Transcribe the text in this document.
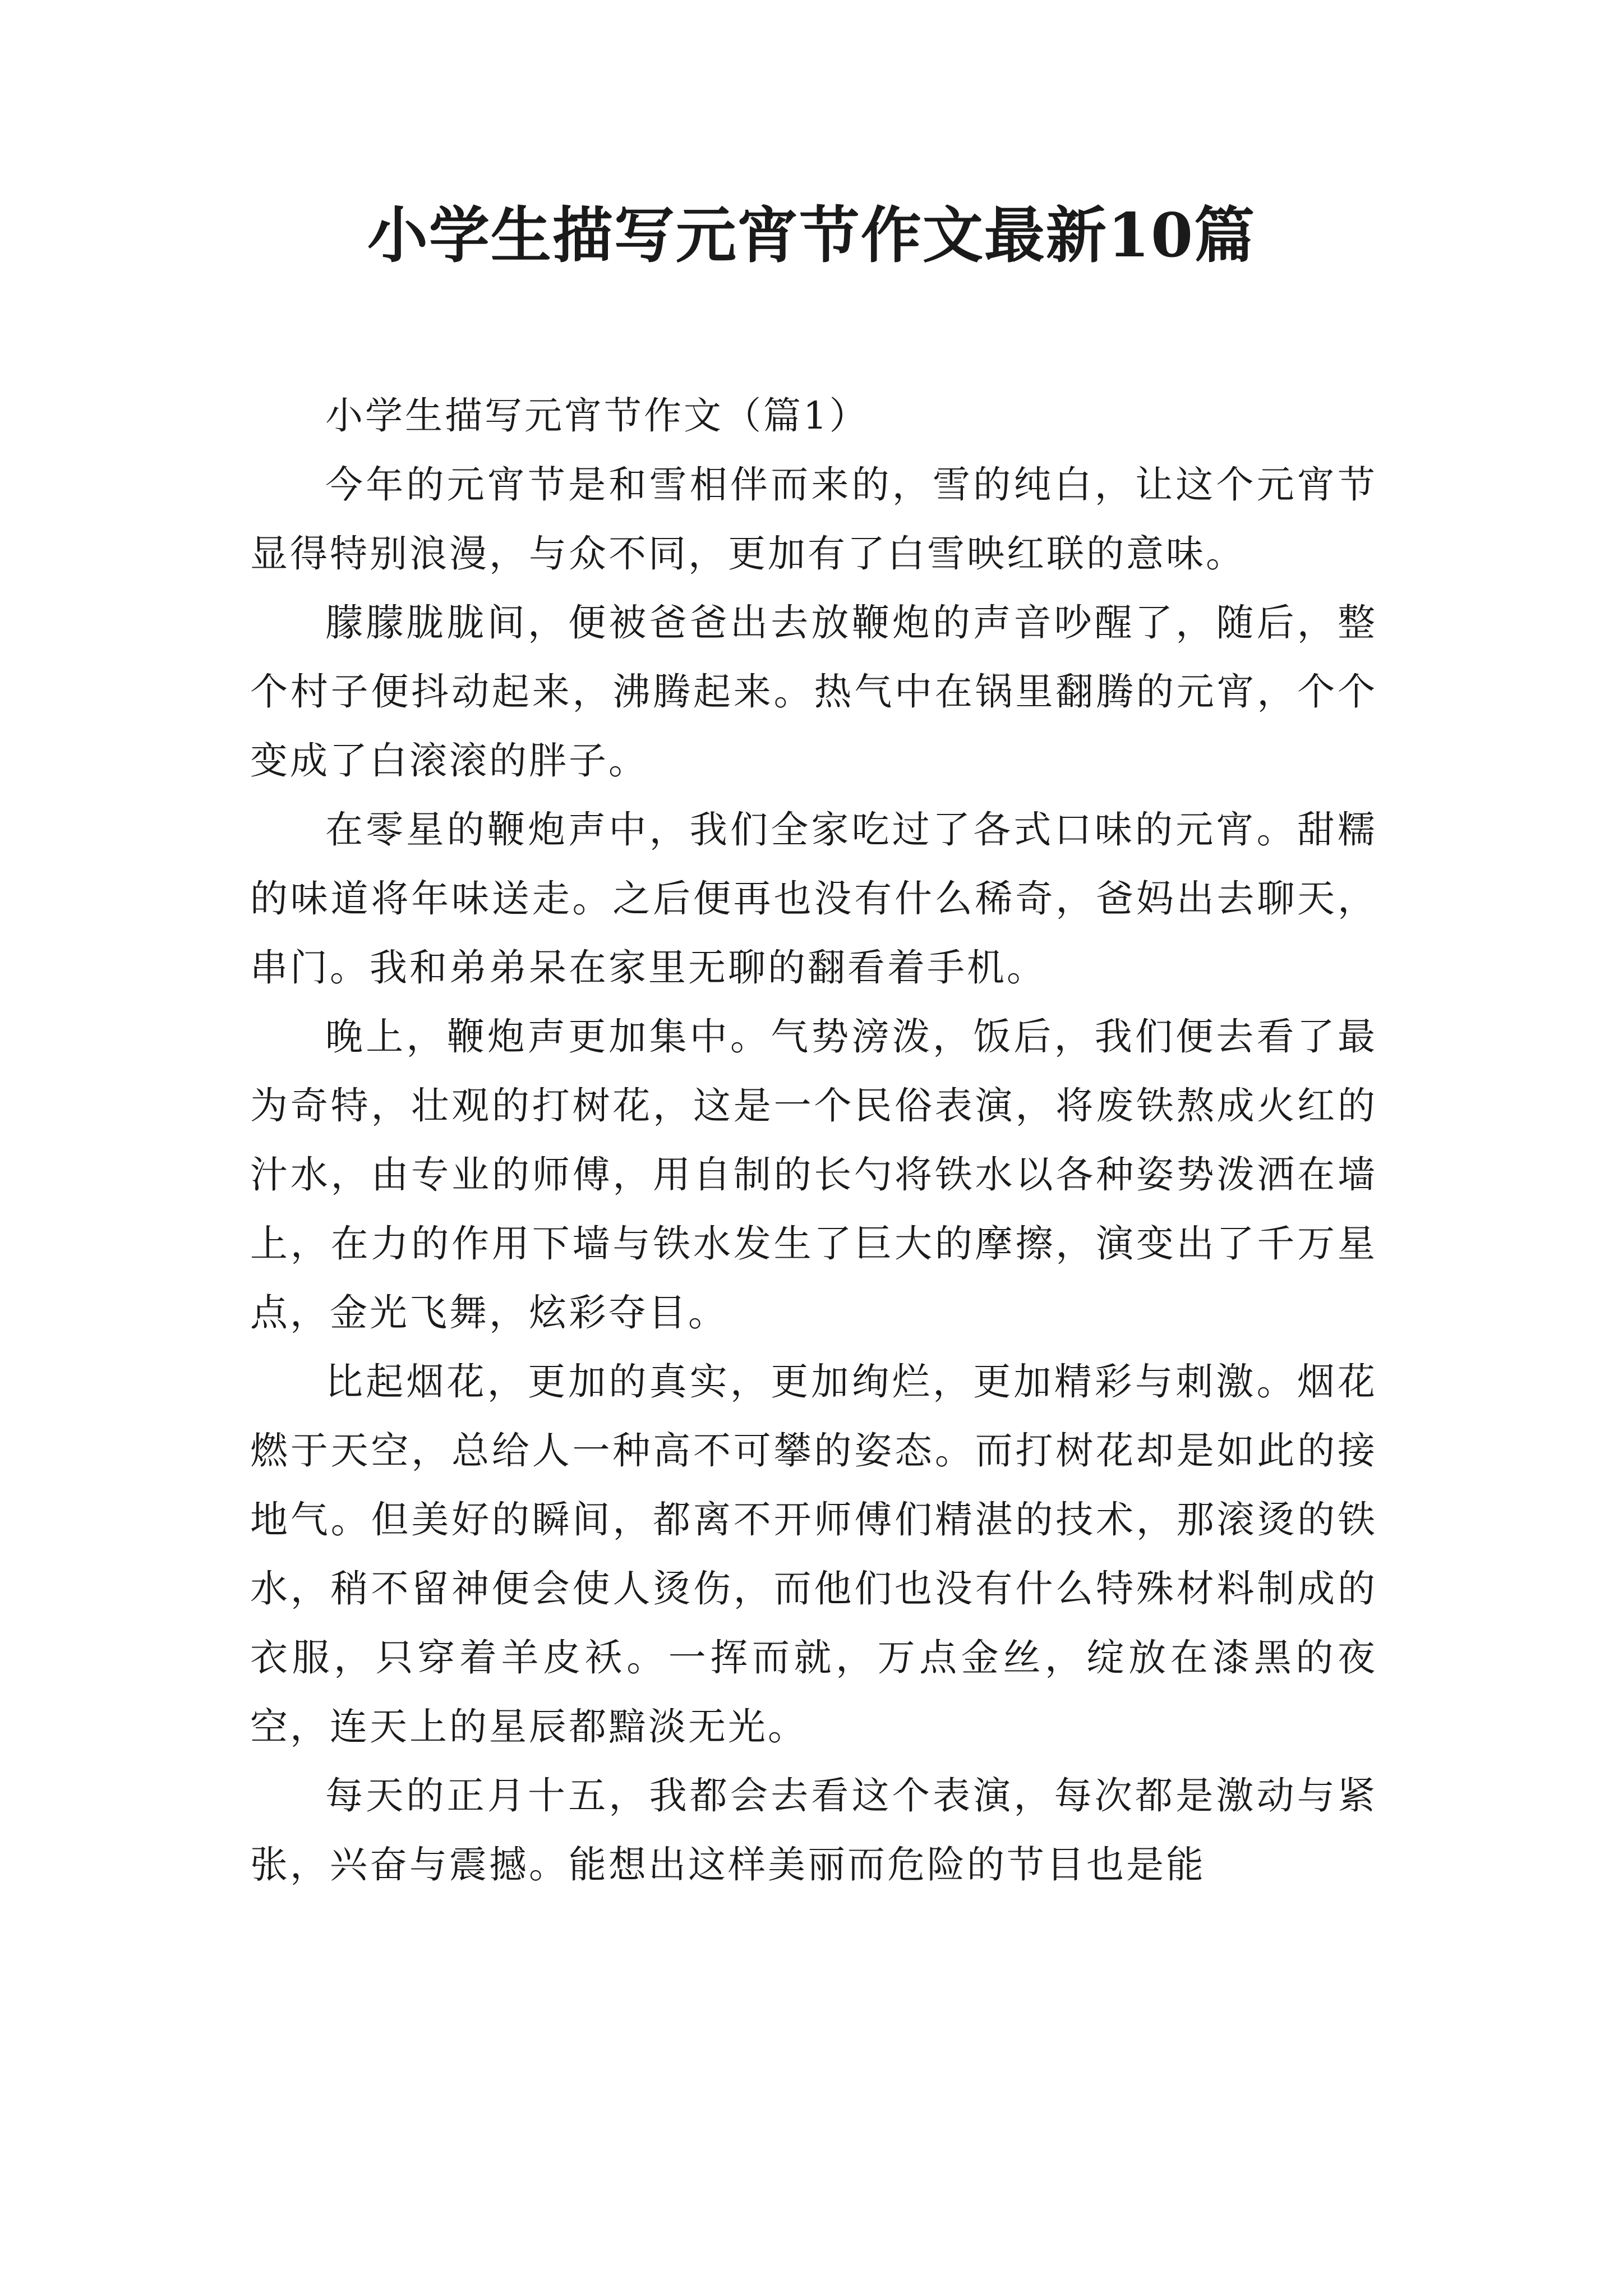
小学生描写元宵节作文最新10篇

小学生描写元宵节作文（篇1）

今年的元宵节是和雪相伴而来的，雪的纯白，让这个元宵节显得特别浪漫，与众不同，更加有了白雪映红联的意味。

朦朦胧胧间，便被爸爸出去放鞭炮的声音吵醒了，随后，整个村子便抖动起来，沸腾起来。热气中在锅里翻腾的元宵，个个变成了白滚滚的胖子。

在零星的鞭炮声中，我们全家吃过了各式口味的元宵。甜糯的味道将年味送走。之后便再也没有什么稀奇，爸妈出去聊天，串门。我和弟弟呆在家里无聊的翻看着手机。

晚上，鞭炮声更加集中。气势滂泼，饭后，我们便去看了最为奇特，壮观的打树花，这是一个民俗表演，将废铁熬成火红的汁水，由专业的师傅，用自制的长勺将铁水以各种姿势泼洒在墙上，在力的作用下墙与铁水发生了巨大的摩擦，演变出了千万星点，金光飞舞，炫彩夺目。

比起烟花，更加的真实，更加绚烂，更加精彩与刺激。烟花燃于天空，总给人一种高不可攀的姿态。而打树花却是如此的接地气。但美好的瞬间，都离不开师傅们精湛的技术，那滚烫的铁水，稍不留神便会使人烫伤，而他们也没有什么特殊材料制成的衣服，只穿着羊皮袄。一挥而就，万点金丝，绽放在漆黑的夜空，连天上的星辰都黯淡无光。

每天的正月十五，我都会去看这个表演，每次都是激动与紧张，兴奋与震撼。能想出这样美丽而危险的节目也是能
